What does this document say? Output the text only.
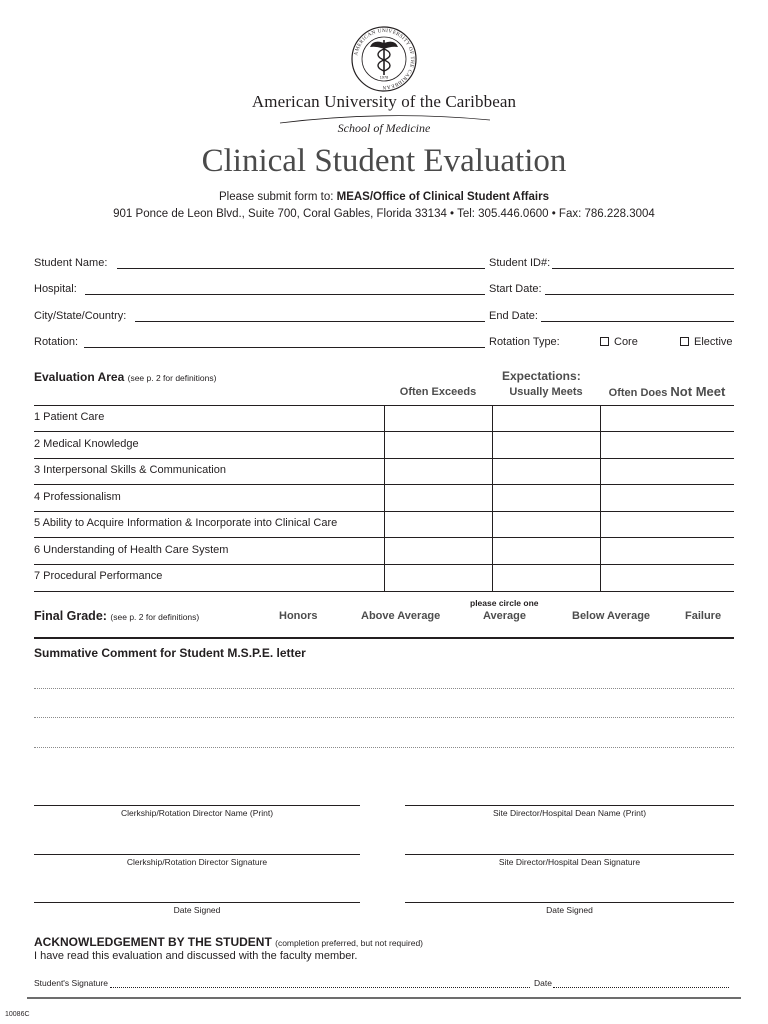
AMERICAN UNIVERSITY OF THE CARIBBEAN
1978
American University of the Caribbean
School of Medicine
Clinical Student Evaluation
Please submit form to: MEAS/Office of Clinical Student Affairs
901 Ponce de Leon Blvd., Suite 700, Coral Gables, Florida 33134 • Tel: 305.446.0600 • Fax: 786.228.3004
Student Name:	Student ID#:
Hospital:	Start Date:
City/State/Country:	End Date:
Rotation:	Rotation Type:	Core	Elective
Evaluation Area (see p. 2 for definitions)	Expectations:
Often Exceeds	Usually Meets	Often Does Not Meet
1 Patient Care
2 Medical Knowledge
3 Interpersonal Skills & Communication
4 Professionalism
5 Ability to Acquire Information & Incorporate into Clinical Care
6 Understanding of Health Care System
7 Procedural Performance
Final Grade: (see p. 2 for definitions)
please circle one
Honors	Above Average	Average	Below Average	Failure
Summative Comment for Student M.S.P.E. letter
Clerkship/Rotation Director Name (Print)	Site Director/Hospital Dean Name (Print)
Clerkship/Rotation Director Signature	Site Director/Hospital Dean Signature
Date Signed	Date Signed
ACKNOWLEDGEMENT BY THE STUDENT (completion preferred, but not required)
I have read this evaluation and discussed with the faculty member.
Student's Signature	Date
10086C
